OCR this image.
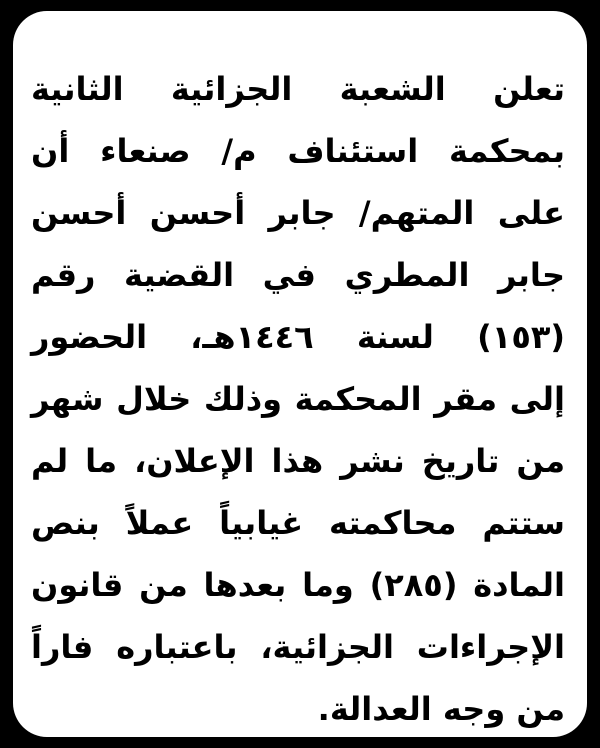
تعلن الشعبة الجزائية الثانية
بمحكمة استئناف م/ صنعاء أن
على المتهم/ جابر أحسن أحسن
جابر المطري في القضية رقم
(١٥٣) لسنة ١٤٤٦هـ، الحضور
إلى مقر المحكمة وذلك خلال شهر
من تاريخ نشر هذا الإعلان، ما لم
ستتم محاكمته غيابياً عملاً بنص
المادة (٢٨٥) وما بعدها من قانون
الإجراءات الجزائية، باعتباره فاراً
من وجه العدالة.
